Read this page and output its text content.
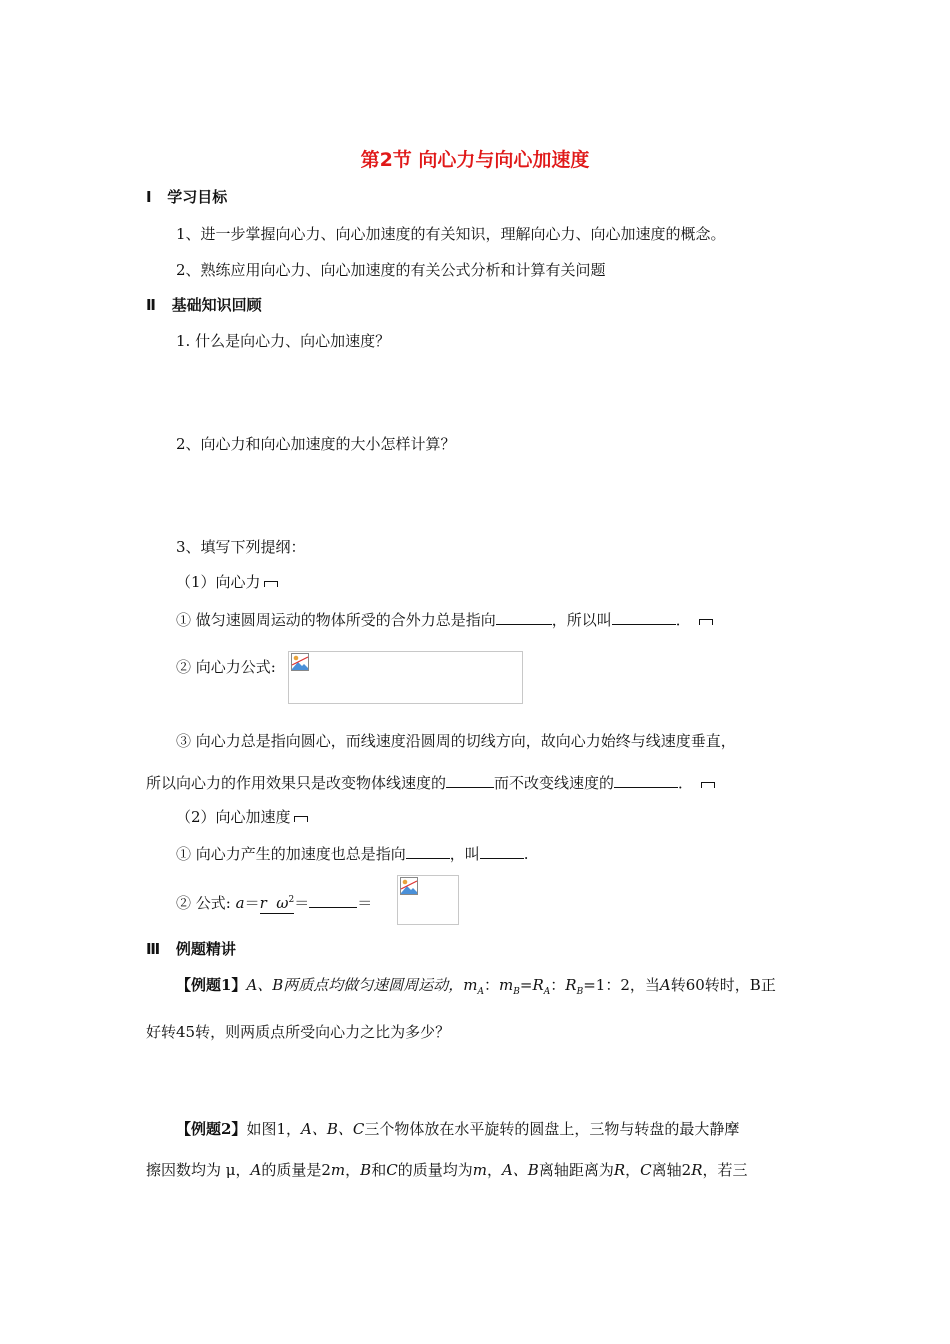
第2节 向心力与向心加速度
Ⅰ 学习目标
1、进一步掌握向心力、向心加速度的有关知识，理解向心力、向心加速度的概念。
2、熟练应用向心力、向心加速度的有关公式分析和计算有关问题
Ⅱ 基础知识回顾
1. 什么是向心力、向心加速度？
2、向心力和向心加速度的大小怎样计算？
3、填写下列提纲：
（1）向心力
① 做匀速圆周运动的物体所受的合外力总是指向	，所以叫	．
② 向心力公式:
③ 向心力总是指向圆心，而线速度沿圆周的切线方向，故向心力始终与线速度垂直，
所以向心力的作用效果只是改变物体线速度的	而不改变线速度的	．
（2）向心加速度
① 向心力产生的加速度也总是指向	，叫	.
② 公式: a＝r $\omega^2=$	＝
Ⅲ 例题精讲
【例题1】A、B两质点均做匀速圆周运动，$m_A$：$m_B=R_A$：$R_B=1$：2，当A转60转时，B正
好转45转，则两质点所受向心力之比为多少？
【例题2】如图1，A、B、C三个物体放在水平旋转的圆盘上，三物与转盘的最大静摩
擦因数均为 μ，A的质量是2m，B和C的质量均为m，A、B离轴距离为R，C离轴2R，若三
